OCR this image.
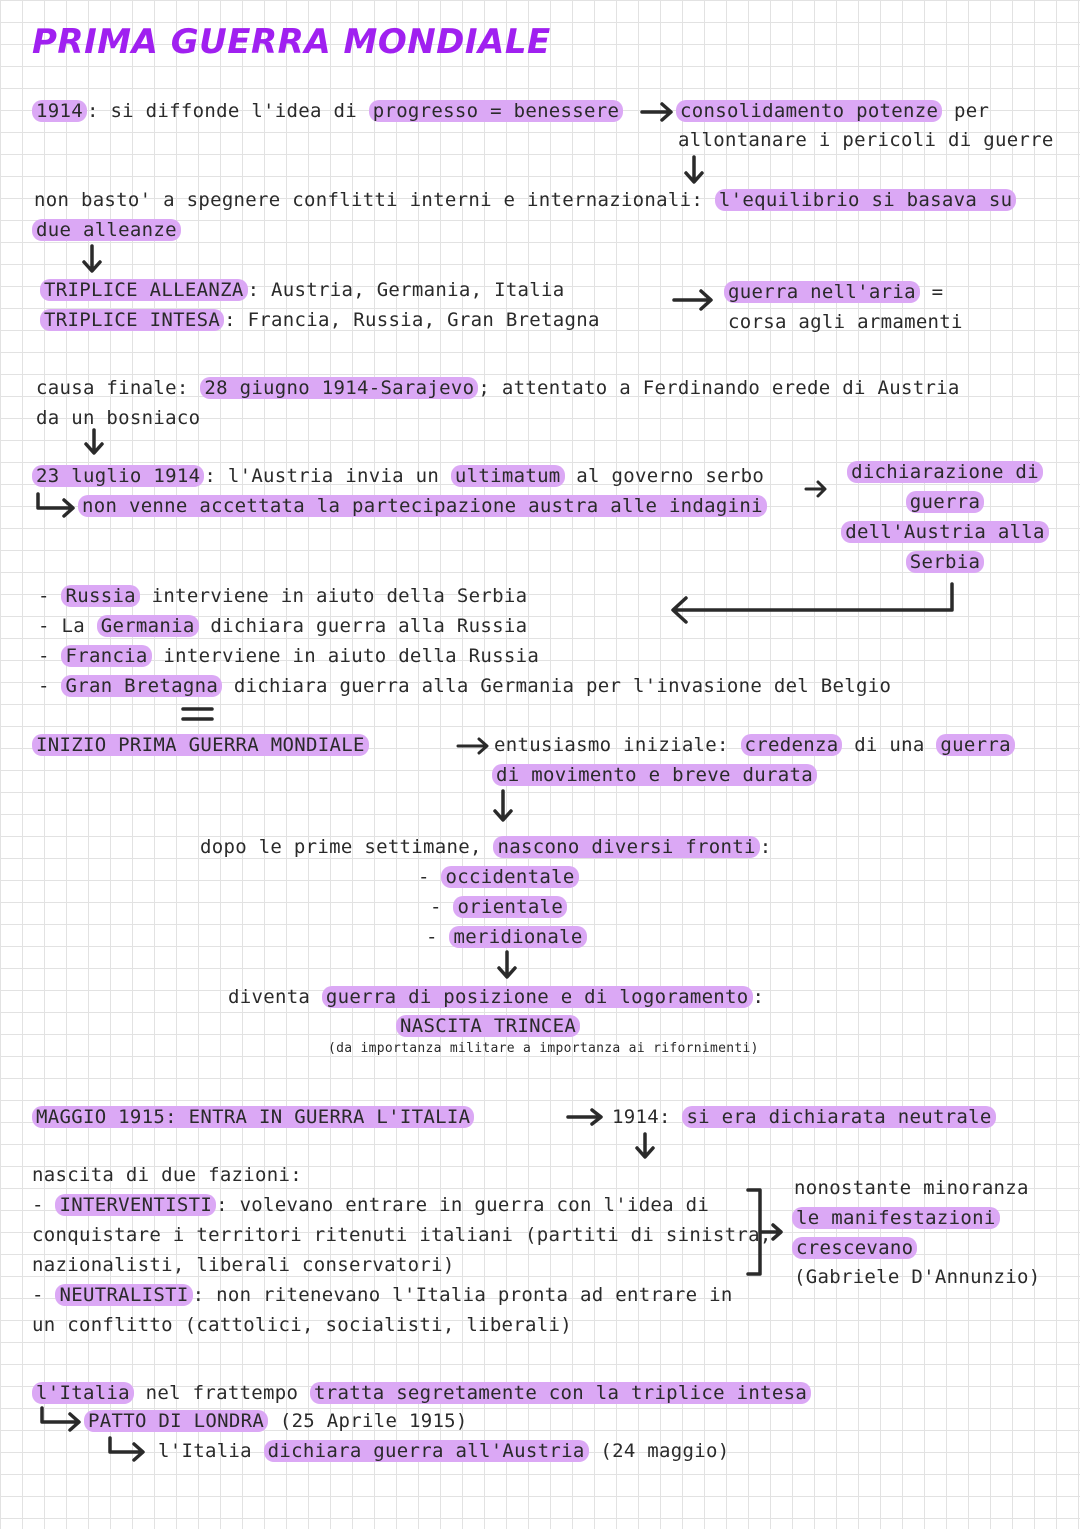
PRIMA GUERRA MONDIALE
1914 : si diffonde l'idea di progresso = benessere	consolidamento potenze per
allontanare i pericoli di guerre
non basto' a spegnere conflitti interni e internazionali: l'equilibrio si basava su
due alleanze
TRIPLICE ALLEANZA : Austria, Germania, Italia
TRIPLICE INTESA : Francia, Russia, Gran Bretagna
guerra nell'aria =
corsa agli armamenti
causa finale: 28 giugno 1914-Sarajevo ; attentato a Ferdinando erede di Austria
da un bosniaco
23 luglio 1914 : l'Austria invia un ultimatum al governo serbo
non venne accettata la partecipazione austra alle indagini
dichiarazione di
guerra
dell'Austria alla
Serbia
- Russia interviene in aiuto della Serbia
- La Germania dichiara guerra alla Russia
- Francia interviene in aiuto della Russia
- Gran Bretagna dichiara guerra alla Germania per l'invasione del Belgio
INIZIO PRIMA GUERRA MONDIALE	entusiasmo iniziale: credenza di una guerra
di movimento e breve durata
dopo le prime settimane, nascono diversi fronti :
- occidentale
- orientale
- meridionale
diventa guerra di posizione e di logoramento :
NASCITA TRINCEA
(da importanza militare a importanza ai rifornimenti)
MAGGIO 1915: ENTRA IN GUERRA L'ITALIA	1914: si era dichiarata neutrale
nascita di due fazioni:
- INTERVENTISTI : volevano entrare in guerra con l'idea di
conquistare i territori ritenuti italiani (partiti di sinistra,
nazionalisti, liberali conservatori)
- NEUTRALISTI : non ritenevano l'Italia pronta ad entrare in
un conflitto (cattolici, socialisti, liberali)
nonostante minoranza
le manifestazioni
crescevano
(Gabriele D'Annunzio)
l'Italia nel frattempo tratta segretamente con la triplice intesa
PATTO DI LONDRA (25 Aprile 1915)
l'Italia dichiara guerra all'Austria (24 maggio)
